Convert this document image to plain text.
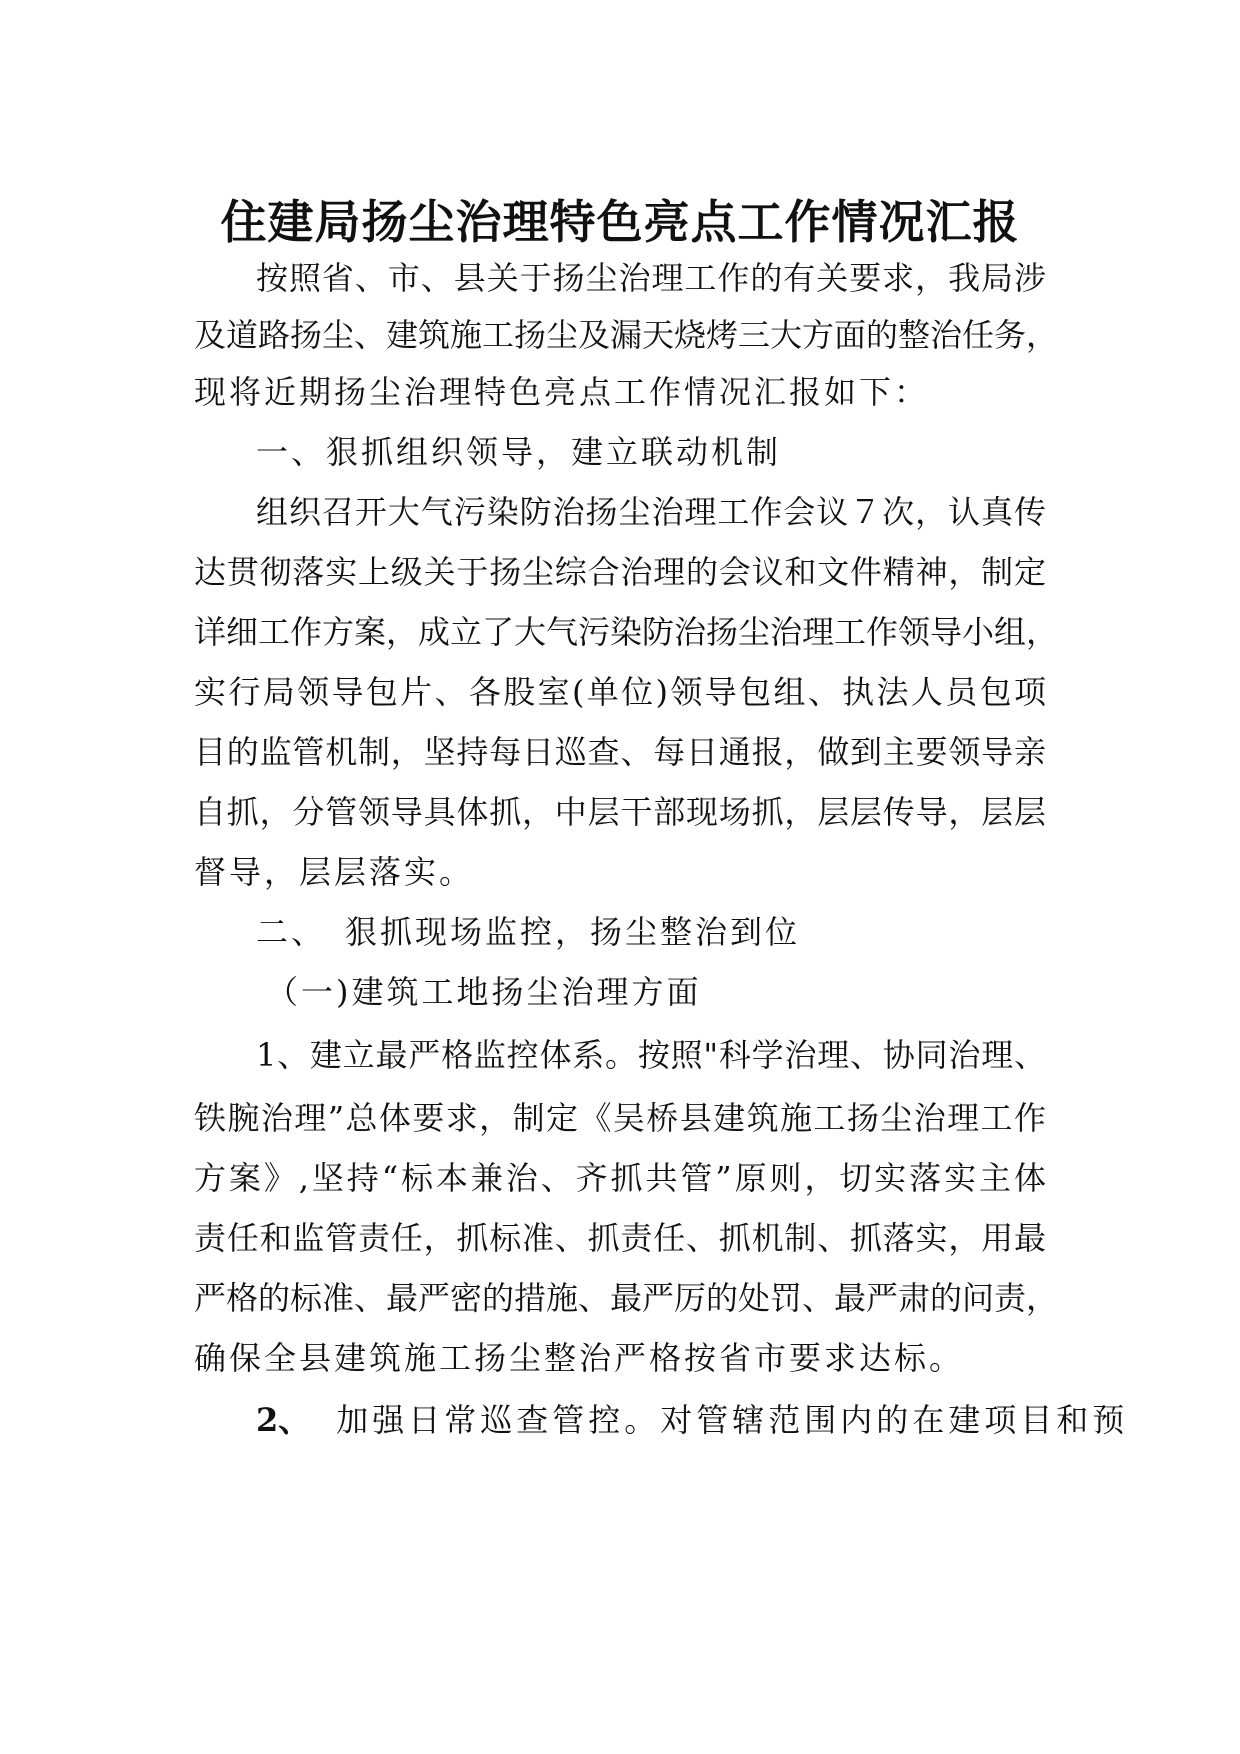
住建局扬尘治理特色亮点工作情况汇报

按照省、市、县关于扬尘治理工作的有关要求，我局涉

及道路扬尘、建筑施工扬尘及漏天烧烤三大方面的整治任务，

现将近期扬尘治理特色亮点工作情况汇报如下：

一、狠抓组织领导，建立联动机制

组织召开大气污染防治扬尘治理工作会议７次，认真传

达贯彻落实上级关于扬尘综合治理的会议和文件精神，制定

详细工作方案，成立了大气污染防治扬尘治理工作领导小组，

实行局领导包片、各股室(单位)领导包组、执法人员包项

目的监管机制，坚持每日巡查、每日通报，做到主要领导亲

自抓，分管领导具体抓，中层干部现场抓，层层传导，层层

督导，层层落实。

二、　狠抓现场监控，扬尘整治到位

（一)建筑工地扬尘治理方面

1、建立最严格监控体系。按照"科学治理、协同治理、

铁腕治理”总体要求，制定《吴桥县建筑施工扬尘治理工作

方案》,坚持“标本兼治、齐抓共管”原则，切实落实主体

责任和监管责任，抓标准、抓责任、抓机制、抓落实，用最

严格的标准、最严密的措施、最严厉的处罚、最严肃的问责，

确保全县建筑施工扬尘整治严格按省市要求达标。

2、 加强日常巡查管控。对管辖范围内的在建项目和预
